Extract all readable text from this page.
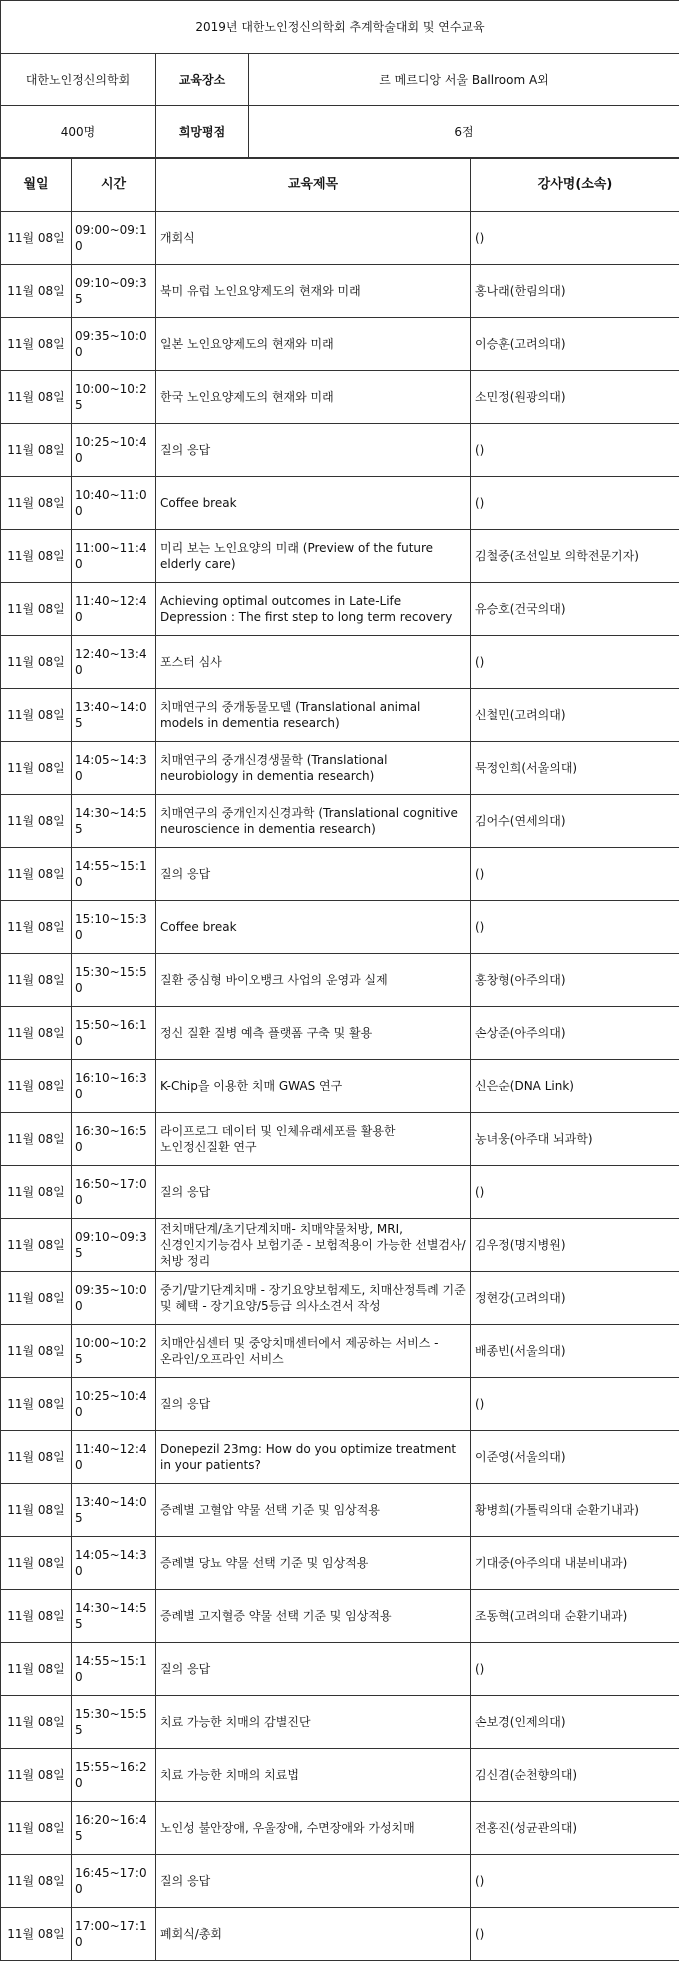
2019년 대한노인정신의학회 추계학술대회 및 연수교육		
대한노인정신의학회	교육장소	르 메르디앙 서울 Ballroom A외
400명	희망평점	6점
월일	시간	교육제목	강사명(소속)
11월 08일	09:00~09:10	개회식	()
11월 08일	09:10~09:35	북미 유럽 노인요양제도의 현재와 미래	홍나래(한림의대)
11월 08일	09:35~10:00	일본 노인요양제도의 현재와 미래	이승훈(고려의대)
11월 08일	10:00~10:25	한국 노인요양제도의 현재와 미래	소민정(원광의대)
11월 08일	10:25~10:40	질의 응답	()
11월 08일	10:40~11:00	Coffee break	()
11월 08일	11:00~11:40	미리 보는 노인요양의 미래 (Preview of the future elderly care)	김철중(조선일보 의학전문기자)
11월 08일	11:40~12:40	Achieving optimal outcomes in Late-Life Depression : The first step to long term recovery	유승호(건국의대)
11월 08일	12:40~13:40	포스터 심사	()
11월 08일	13:40~14:05	치매연구의 중개동물모델 (Translational animal models in dementia research)	신철민(고려의대)
11월 08일	14:05~14:30	치매연구의 중개신경생물학 (Translational neurobiology in dementia research)	묵정인희(서울의대)
11월 08일	14:30~14:55	치매연구의 중개인지신경과학 (Translational cognitive neuroscience in dementia research)	김어수(연세의대)
11월 08일	14:55~15:10	질의 응답	()
11월 08일	15:10~15:30	Coffee break	()
11월 08일	15:30~15:50	질환 중심형 바이오뱅크 사업의 운영과 실제	홍창형(아주의대)
11월 08일	15:50~16:10	정신 질환 질병 예측 플랫폼 구축 및 활용	손상준(아주의대)
11월 08일	16:10~16:30	K-Chip을 이용한 치매 GWAS 연구	신은순(DNA Link)
11월 08일	16:30~16:50	라이프로그 데이터 및 인체유래세포를 활용한 노인정신질환 연구	농녀웅(아주대 뇌과학)
11월 08일	16:50~17:00	질의 응답	()
11월 08일	09:10~09:35	전치매단계/초기단계치매- 치매약물처방, MRI, 신경인지기능검사 보험기준 - 보험적용이 가능한 선별검사/처방 정리	김우정(명지병원)
11월 08일	09:35~10:00	중기/말기단계치매 - 장기요양보험제도, 치매산정특례 기준 및 혜택 - 장기요양/5등급 의사소견서 작성	정현강(고려의대)
11월 08일	10:00~10:25	치매안심센터 및 중앙치매센터에서 제공하는 서비스 - 온라인/오프라인 서비스	배종빈(서울의대)
11월 08일	10:25~10:40	질의 응답	()
11월 08일	11:40~12:40	Donepezil 23mg: How do you optimize treatment in your patients?	이준영(서울의대)
11월 08일	13:40~14:05	증례별 고혈압 약물 선택 기준 및 임상적용	황병희(가톨릭의대 순환기내과)
11월 08일	14:05~14:30	증례별 당뇨 약물 선택 기준 및 임상적용	기대중(아주의대 내분비내과)
11월 08일	14:30~14:55	증례별 고지혈증 약물 선택 기준 및 임상적용	조동혁(고려의대 순환기내과)
11월 08일	14:55~15:10	질의 응답	()
11월 08일	15:30~15:55	치료 가능한 치매의 감별진단	손보경(인제의대)
11월 08일	15:55~16:20	치료 가능한 치매의 치료법	김신겸(순천향의대)
11월 08일	16:20~16:45	노인성 불안장애, 우울장애, 수면장애와 가성치매	전홍진(성균관의대)
11월 08일	16:45~17:00	질의 응답	()
11월 08일	17:00~17:10	폐회식/총회	()
